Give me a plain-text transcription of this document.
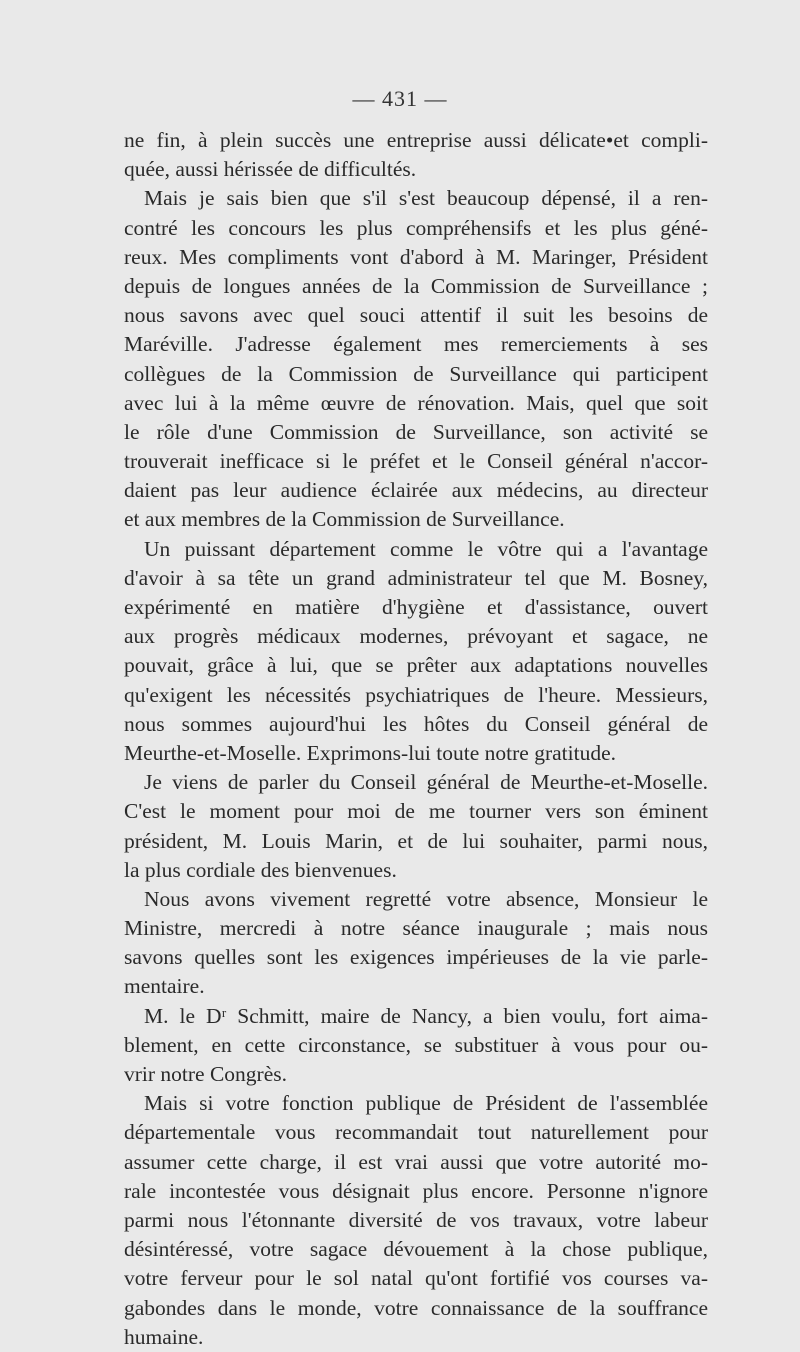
— 431 —
ne fin, à plein succès une entreprise aussi délicate•et compli-
quée, aussi hérissée de difficultés.
Mais je sais bien que s'il s'est beaucoup dépensé, il a ren-
contré les concours les plus compréhensifs et les plus géné-
reux. Mes compliments vont d'abord à M. Maringer, Président
depuis de longues années de la Commission de Surveillance ;
nous savons avec quel souci attentif il suit les besoins de
Maréville. J'adresse également mes remerciements à ses
collègues de la Commission de Surveillance qui participent
avec lui à la même œuvre de rénovation. Mais, quel que soit
le rôle d'une Commission de Surveillance, son activité se
trouverait inefficace si le préfet et le Conseil général n'accor-
daient pas leur audience éclairée aux médecins, au directeur
et aux membres de la Commission de Surveillance.
Un puissant département comme le vôtre qui a l'avantage
d'avoir à sa tête un grand administrateur tel que M. Bosney,
expérimenté en matière d'hygiène et d'assistance, ouvert
aux progrès médicaux modernes, prévoyant et sagace, ne
pouvait, grâce à lui, que se prêter aux adaptations nouvelles
qu'exigent les nécessités psychiatriques de l'heure. Messieurs,
nous sommes aujourd'hui les hôtes du Conseil général de
Meurthe-et-Moselle. Exprimons-lui toute notre gratitude.
Je viens de parler du Conseil général de Meurthe-et-Moselle.
C'est le moment pour moi de me tourner vers son éminent
président, M. Louis Marin, et de lui souhaiter, parmi nous,
la plus cordiale des bienvenues.
Nous avons vivement regretté votre absence, Monsieur le
Ministre, mercredi à notre séance inaugurale ; mais nous
savons quelles sont les exigences impérieuses de la vie parle-
mentaire.
M. le Dʳ Schmitt, maire de Nancy, a bien voulu, fort aima-
blement, en cette circonstance, se substituer à vous pour ou-
vrir notre Congrès.
Mais si votre fonction publique de Président de l'assemblée
départementale vous recommandait tout naturellement pour
assumer cette charge, il est vrai aussi que votre autorité mo-
rale incontestée vous désignait plus encore. Personne n'ignore
parmi nous l'étonnante diversité de vos travaux, votre labeur
désintéressé, votre sagace dévouement à la chose publique,
votre ferveur pour le sol natal qu'ont fortifié vos courses va-
gabondes dans le monde, votre connaissance de la souffrance
humaine.
